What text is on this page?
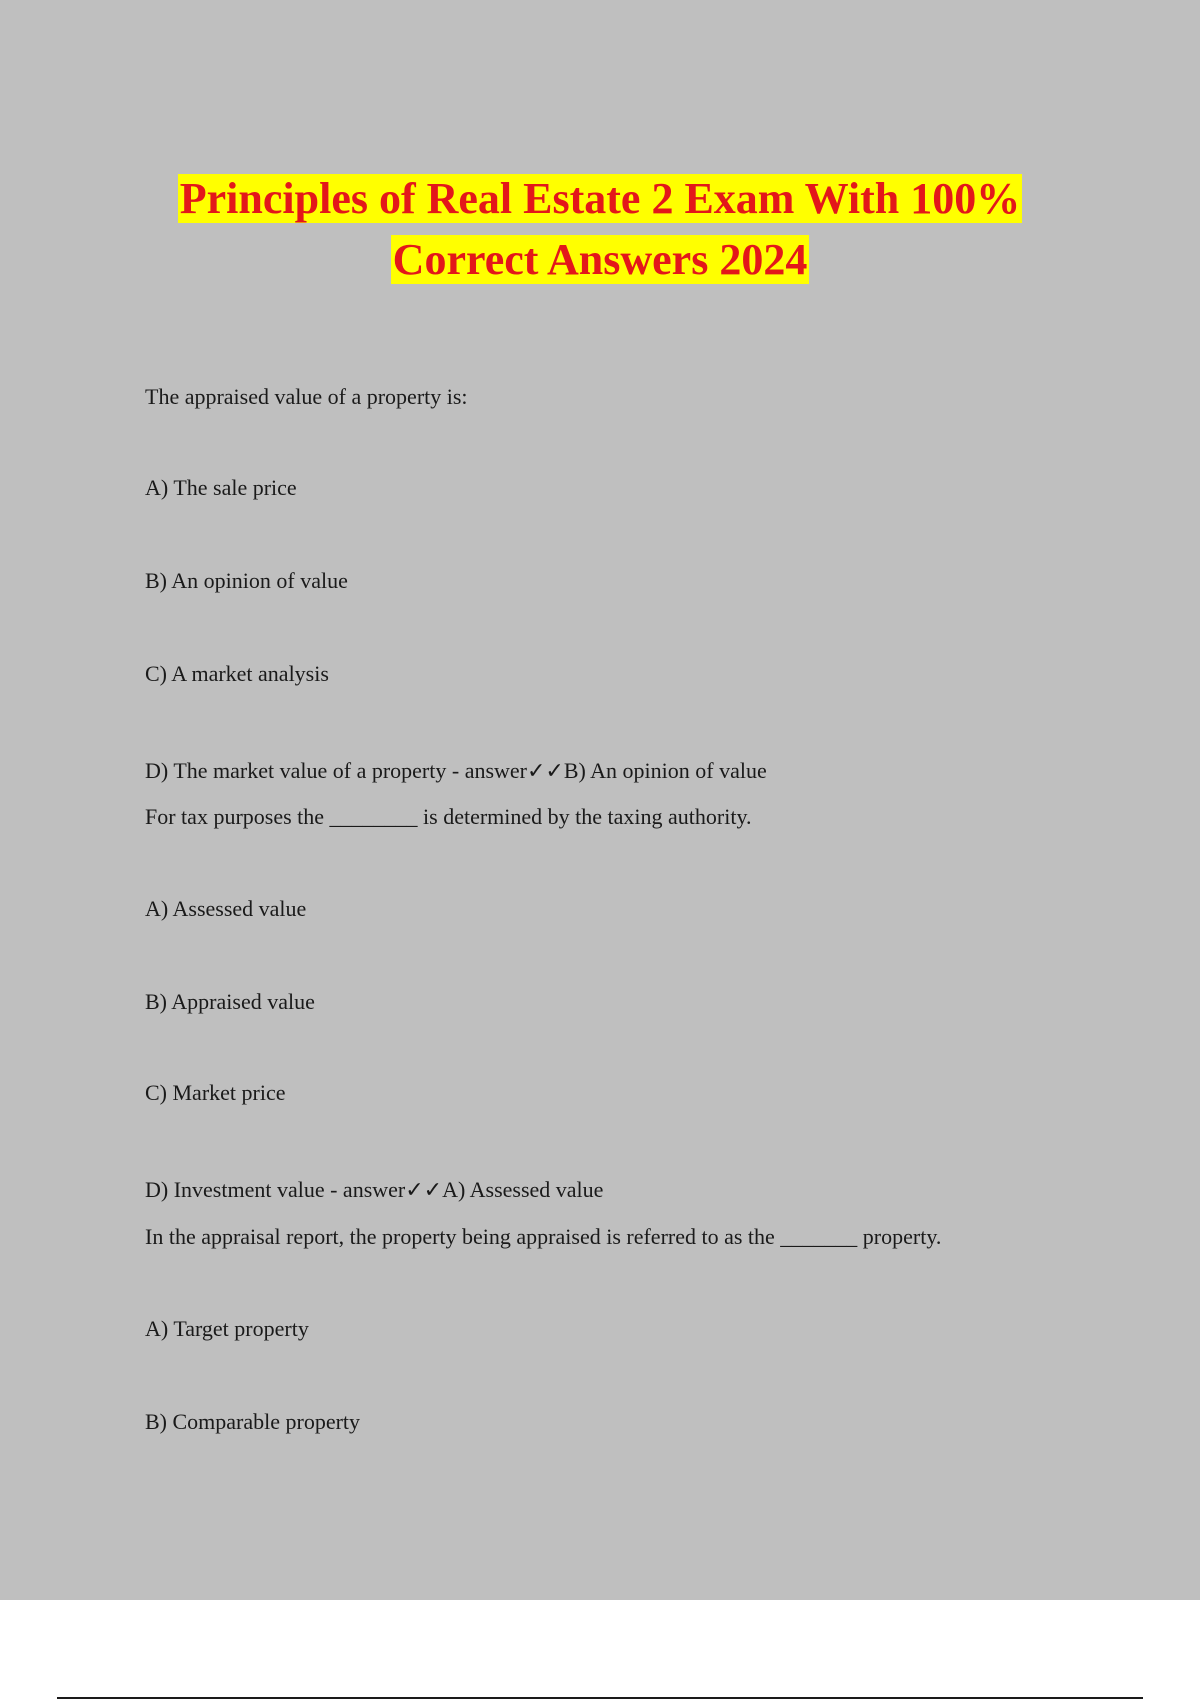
Principles of Real Estate 2 Exam With 100%
Correct Answers 2024
The appraised value of a property is:
A) The sale price
B) An opinion of value
C) A market analysis
D) The market value of a property - answer✓✓B) An opinion of value
For tax purposes the ________ is determined by the taxing authority.
A) Assessed value
B) Appraised value
C) Market price
D) Investment value - answer✓✓A) Assessed value
In the appraisal report, the property being appraised is referred to as the _______ property.
A) Target property
B) Comparable property
